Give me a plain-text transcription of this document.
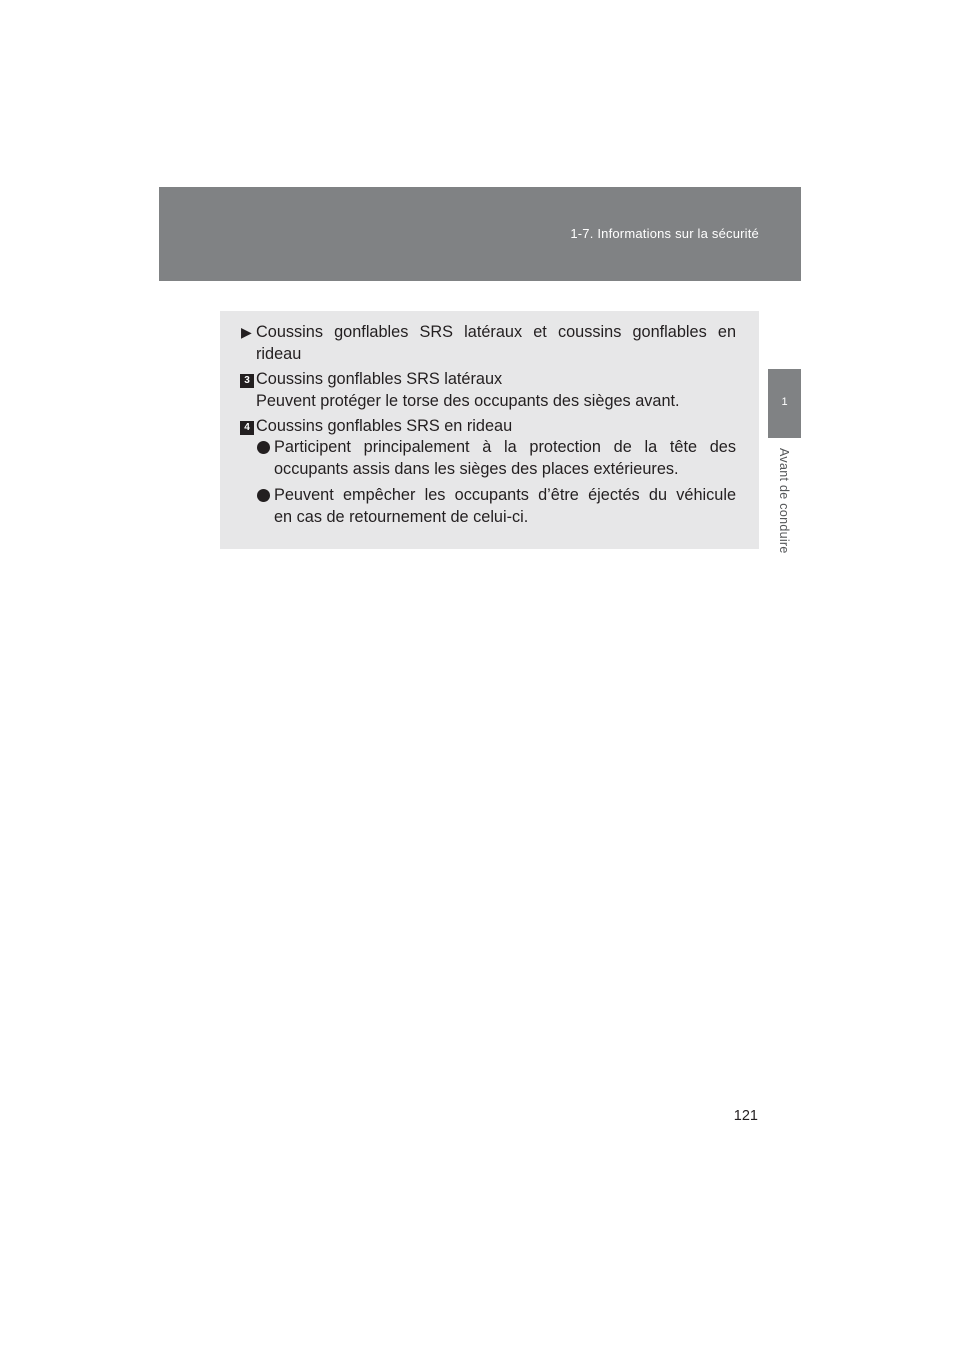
1-7. Informations sur la sécurité
1
Avant de conduire
▶ Coussins gonflables SRS latéraux et coussins gonflables en
rideau
3 Coussins gonflables SRS latéraux
Peuvent protéger le torse des occupants des sièges avant.
4 Coussins gonflables SRS en rideau
Participent principalement à la protection de la tête des
occupants assis dans les sièges des places extérieures.
Peuvent empêcher les occupants d’être éjectés du véhicule
en cas de retournement de celui-ci.
121
